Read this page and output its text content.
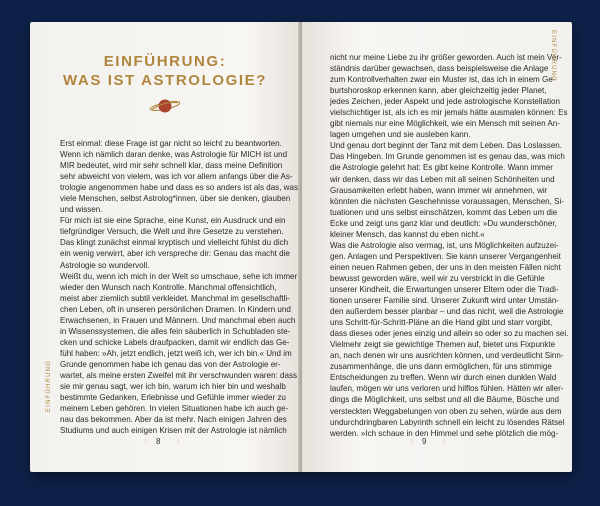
EINFÜHRUNG:
WAS IST ASTROLOGIE?
Erst einmal: diese Frage ist gar nicht so leicht zu beantworten.
Wenn ich nämlich daran denke, was Astrologie für MICH ist und
MIR bedeutet, wird mir sehr schnell klar, dass meine Definition
sehr abweicht von vielem, was ich vor allem anfangs über die As-
trologie angenommen habe und dass es so anders ist als das, was
viele Menschen, selbst Astrolog*innen, über sie denken, glauben
und wissen.
Für mich ist sie eine Sprache, eine Kunst, ein Ausdruck und ein
tiefgründiger Versuch, die Welt und ihre Gesetze zu verstehen.
Das klingt zunächst einmal kryptisch und vielleicht fühlst du dich
ein wenig verwirrt, aber ich verspreche dir: Genau das macht die
Astrologie so wundervoll.
Weißt du, wenn ich mich in der Welt so umschaue, sehe ich immer
wieder den Wunsch nach Kontrolle. Manchmal offensichtlich,
meist aber ziemlich subtil verkleidet. Manchmal im gesellschaftli-
chen Leben, oft in unseren persönlichen Dramen. In Kindern und
Erwachsenen, in Frauen und Männern. Und manchmal eben auch
in Wissenssystemen, die alles fein säuberlich in Schubladen ste-
cken und schicke Labels draufpacken, damit wir endlich das Ge-
fühl haben: »Ah, jetzt endlich, jetzt weiß ich, wer ich bin.« Und im
Grunde genommen habe ich genau das von der Astrologie er-
wartet, als meine ersten Zweifel mit ihr verschwunden waren: dass
sie mir genau sagt, wer ich bin, warum ich hier bin und weshalb
bestimmte Gedanken, Erlebnisse und Gefühle immer wieder zu
meinem Leben gehören. In vielen Situationen habe ich auch ge-
nau das bekommen. Aber da ist mehr. Nach einigen Jahren des
Studiums und auch einigen Krisen mit der Astrologie ist nämlich
EINFÜHRUNG
8
nicht nur meine Liebe zu ihr größer geworden. Auch ist mein Ver-
ständnis darüber gewachsen, dass beispielsweise die Anlage
zum Kontrollverhalten zwar ein Muster ist, das ich in einem Ge-
burtshoroskop erkennen kann, aber gleichzeitig jeder Planet,
jedes Zeichen, jeder Aspekt und jede astrologische Konstellation
vielschichtiger ist, als ich es mir jemals hätte ausmalen können: Es
gibt niemals nur eine Möglichkeit, wie ein Mensch mit seinen An-
lagen umgehen und sie ausleben kann.
Und genau dort beginnt der Tanz mit dem Leben. Das Loslassen.
Das Hingeben. Im Grunde genommen ist es genau das, was mich
die Astrologie gelehrt hat: Es gibt keine Kontrolle. Wann immer
wir denken, dass wir das Leben mit all seinen Schönheiten und
Grausamkeiten erlebt haben, wann immer wir annehmen, wir
könnten die nächsten Geschehnisse voraussagen, Menschen, Si-
tuationen und uns selbst einschätzen, kommt das Leben um die
Ecke und zeigt uns ganz klar und deutlich: »Du wunderschöner,
kleiner Mensch, das kannst du eben nicht.«
Was die Astrologie also vermag, ist, uns Möglichkeiten aufzuzei-
gen. Anlagen und Perspektiven. Sie kann unserer Vergangenheit
einen neuen Rahmen geben, der uns in den meisten Fällen nicht
bewusst geworden wäre, weil wir zu verstrickt in die Gefühle
unserer Kindheit, die Erwartungen unserer Eltern oder die Tradi-
tionen unserer Familie sind. Unserer Zukunft wird unter Umstän-
den außerdem besser planbar – und das nicht, weil die Astrologie
uns Schritt-für-Schritt-Pläne an die Hand gibt und starr vorgibt,
dass dieses oder jenes einzig und allein so oder so zu machen sei.
Vielmehr zeigt sie gewichtige Themen auf, bietet uns Fixpunkte
an, nach denen wir uns ausrichten können, und verdeutlicht Sinn-
zusammenhänge, die uns dann ermöglichen, für uns stimmige
Entscheidungen zu treffen. Wenn wir durch einen dunklen Wald
laufen, mögen wir uns verloren und hilflos fühlen. Hätten wir aller-
dings die Möglichkeit, uns selbst und all die Bäume, Büsche und
versteckten Weggabelungen von oben zu sehen, würde aus dem
undurchdringbaren Labyrinth schnell ein leicht zu lösendes Rätsel
werden. »Ich schaue in den Himmel und sehe plötzlich die mög-
EINFÜHRUNG
9
